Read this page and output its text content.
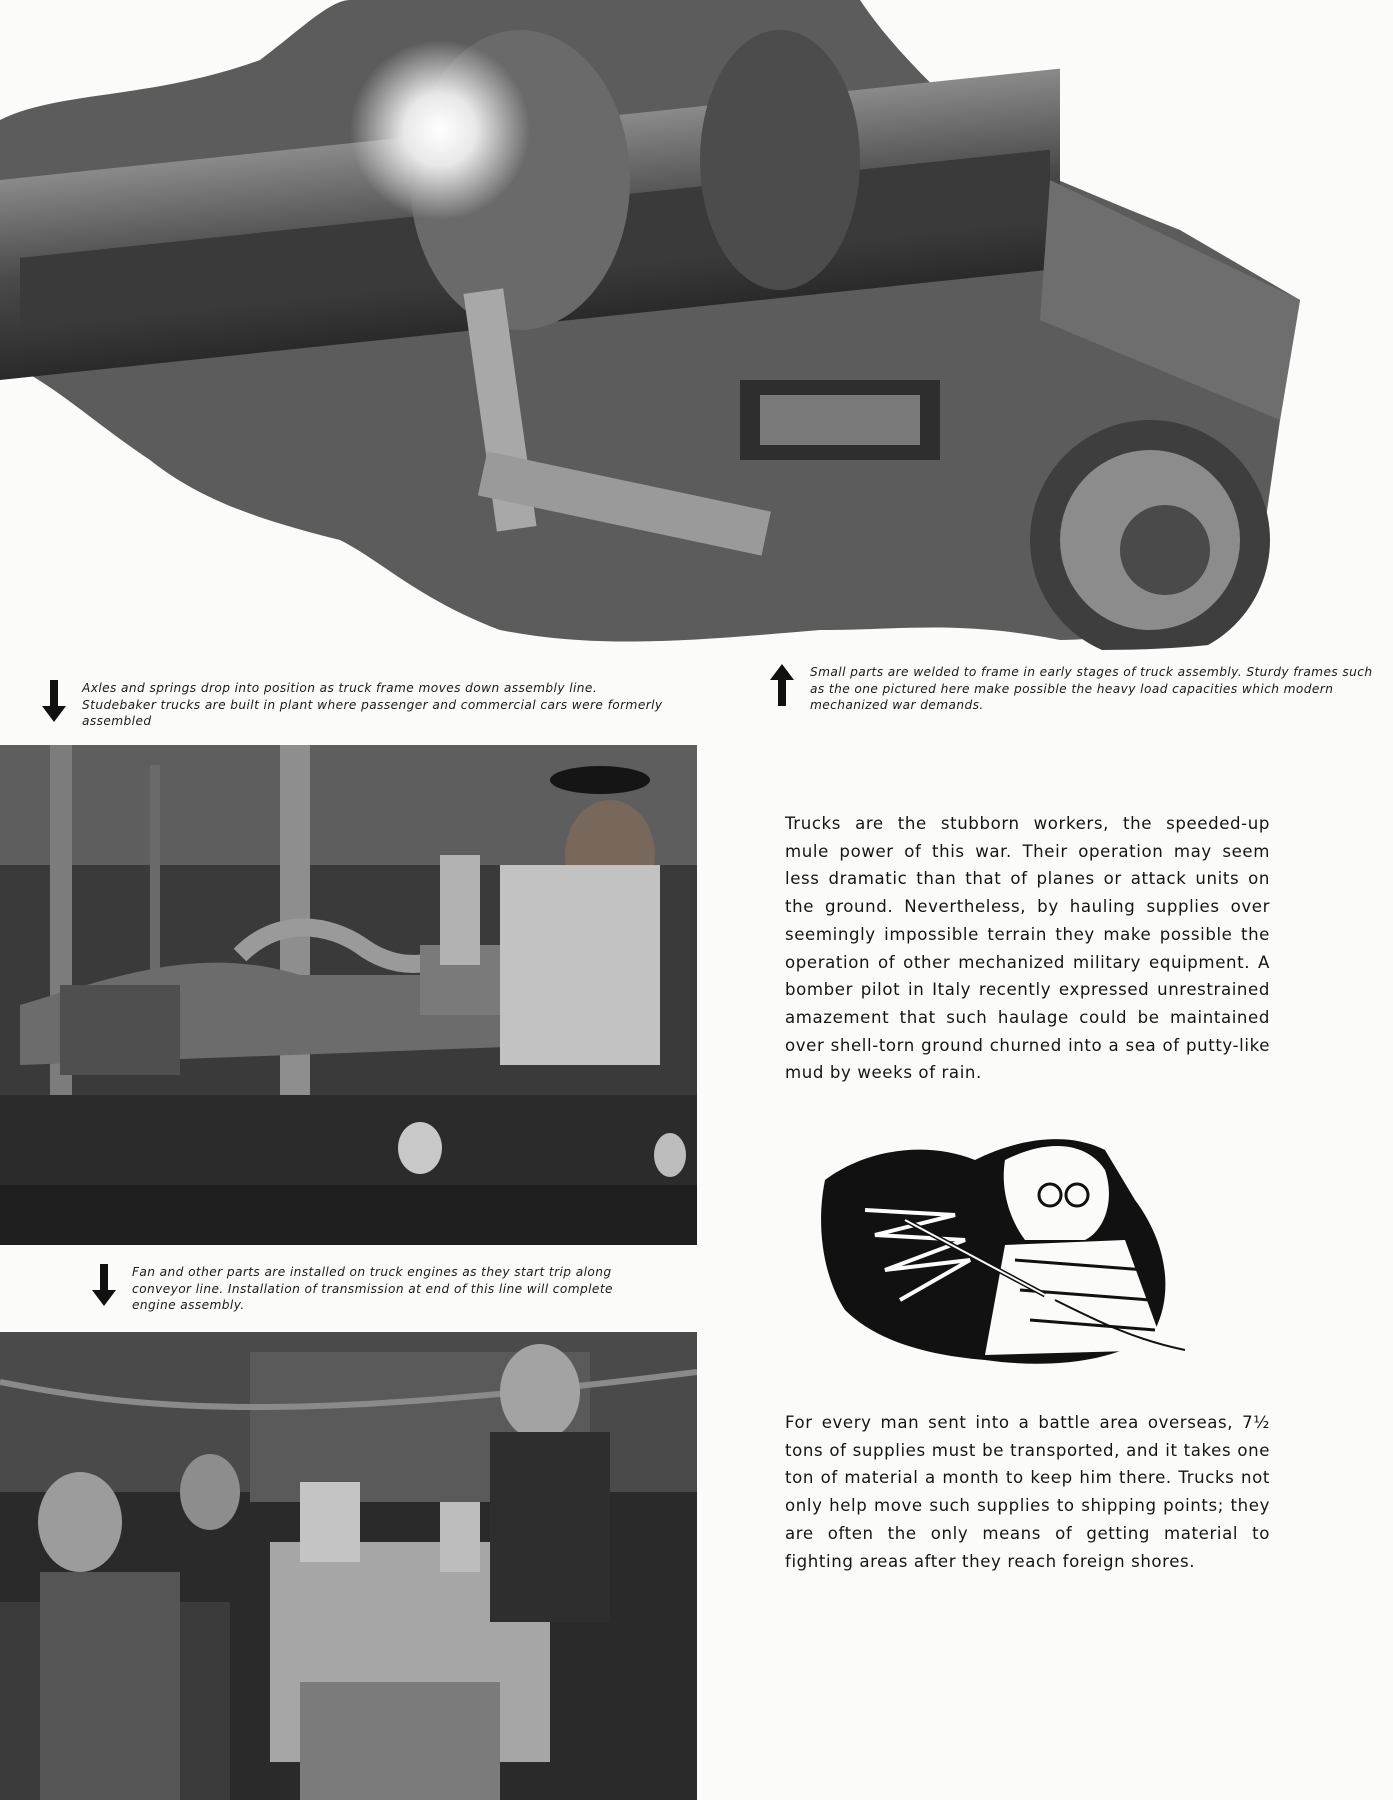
Axles and springs drop into position as truck frame moves down assembly line. Studebaker trucks are built in plant where passenger and commercial cars were formerly assembled

Small parts are welded to frame in early stages of truck assembly. Sturdy frames such as the one pictured here make possible the heavy load capacities which modern mechanized war demands.

Fan and other parts are installed on truck engines as they start trip along conveyor line. Installation of transmission at end of this line will complete engine assembly.

Trucks are the stubborn workers, the speeded-up mule power of this war. Their operation may seem less dramatic than that of planes or attack units on the ground. Nevertheless, by hauling supplies over seemingly impossible terrain they make possible the operation of other mechanized military equipment. A bomber pilot in Italy recently expressed unrestrained amazement that such haulage could be maintained over shell-torn ground churned into a sea of putty-like mud by weeks of rain.

For every man sent into a battle area overseas, 7½ tons of supplies must be transported, and it takes one ton of material a month to keep him there. Trucks not only help move such supplies to shipping points; they are often the only means of getting material to fighting areas after they reach foreign shores.
